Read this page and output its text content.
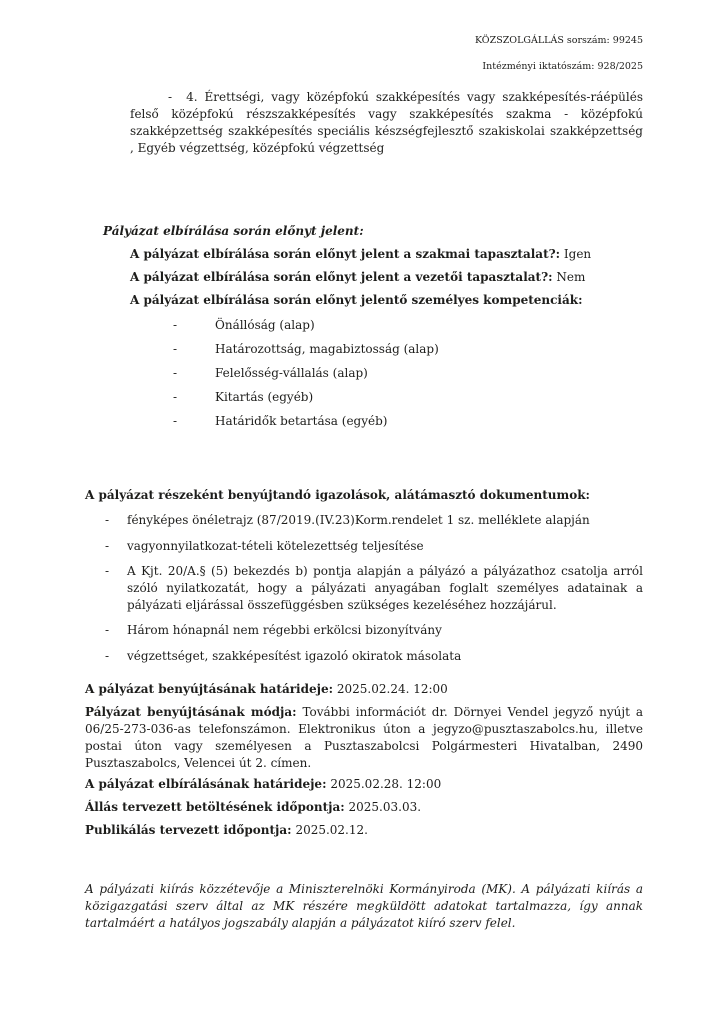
KÖZSZOLGÁLLÁS sorszám: 99245
Intézményi iktatószám: 928/2025

- 4. Érettségi, vagy középfokú szakképesítés vagy szakképesítés-ráépülés felső középfokú részszakképesítés vagy szakképesítés szakma - középfokú szakképzettség szakképesítés speciális készségfejlesztő szakiskolai szakképzettség , Egyéb végzettség, középfokú végzettség

Pályázat elbírálása során előnyt jelent:
A pályázat elbírálása során előnyt jelent a szakmai tapasztalat?: Igen
A pályázat elbírálása során előnyt jelent a vezetői tapasztalat?: Nem
A pályázat elbírálása során előnyt jelentő személyes kompetenciák:
-	Önállóság (alap)
-	Határozottság, magabiztosság (alap)
-	Felelősség-vállalás (alap)
-	Kitartás (egyéb)
-	Határidők betartása (egyéb)
A pályázat részeként benyújtandó igazolások, alátámasztó dokumentumok:
- fényképes önéletrajz (87/2019.(IV.23)Korm.rendelet 1 sz. melléklete alapján
- vagyonnyilatkozat-tételi kötelezettség teljesítése
- A Kjt. 20/A.§ (5) bekezdés b) pontja alapján a pályázó a pályázathoz csatolja arról szóló nyilatkozatát, hogy a pályázati anyagában foglalt személyes adatainak a pályázati eljárással összefüggésben szükséges kezeléséhez hozzájárul.
- Három hónapnál nem régebbi erkölcsi bizonyítvány
- végzettséget, szakképesítést igazoló okiratok másolata
A pályázat benyújtásának határideje: 2025.02.24. 12:00
Pályázat benyújtásának módja: További információt dr. Dörnyei Vendel jegyző nyújt a 06/25-273-036-as telefonszámon. Elektronikus úton a jegyzo@pusztaszabolcs.hu, illetve postai úton vagy személyesen a Pusztaszabolcsi Polgármesteri Hivatalban, 2490 Pusztaszabolcs, Velencei út 2. címen.
A pályázat elbírálásának határideje: 2025.02.28. 12:00
Állás tervezett betöltésének időpontja: 2025.03.03.
Publikálás tervezett időpontja: 2025.02.12.

A pályázati kiírás közzétevője a Miniszterelnöki Kormányiroda (MK). A pályázati kiírás a közigazgatási szerv által az MK részére megküldött adatokat tartalmazza, így annak tartalmáért a hatályos jogszabály alapján a pályázatot kiíró szerv felel.
